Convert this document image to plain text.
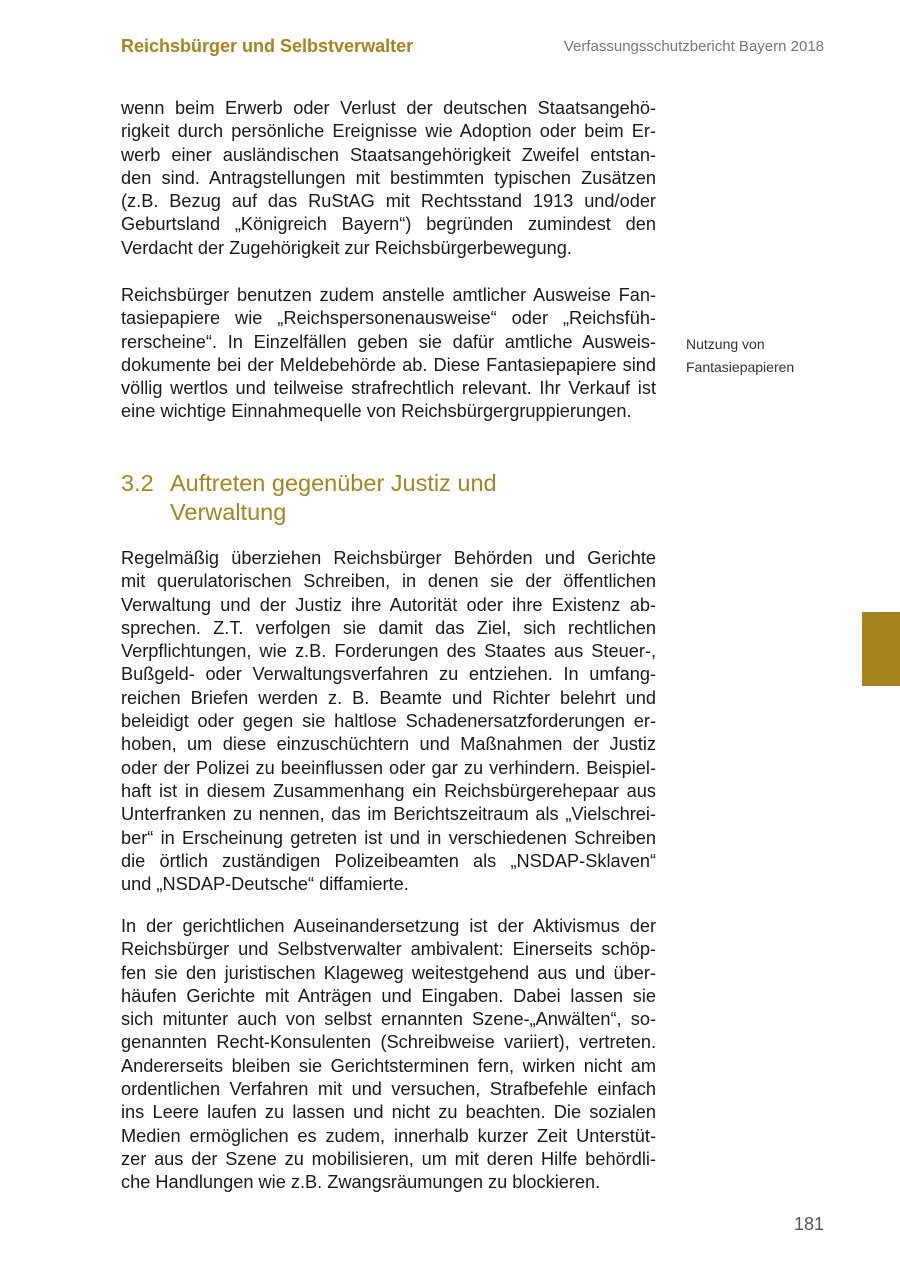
Reichsbürger und Selbstverwalter	Verfassungsschutzbericht Bayern 2018

wenn beim Erwerb oder Verlust der deutschen Staatsangehö-
rigkeit durch persönliche Ereignisse wie Adoption oder beim Er-
werb einer ausländischen Staatsangehörigkeit Zweifel entstan-
den sind. Antragstellungen mit bestimmten typischen Zusätzen
(z.B. Bezug auf das RuStAG mit Rechtsstand 1913 und/oder
Geburtsland „Königreich Bayern“) begründen zumindest den
Verdacht der Zugehörigkeit zur Reichsbürgerbewegung.

Reichsbürger benutzen zudem anstelle amtlicher Ausweise Fan-
tasiepapiere wie „Reichspersonenausweise“ oder „Reichsfüh-
rerscheine“. In Einzelfällen geben sie dafür amtliche Ausweis-
dokumente bei der Meldebehörde ab. Diese Fantasiepapiere sind
völlig wertlos und teilweise strafrechtlich relevant. Ihr Verkauf ist
eine wichtige Einnahmequelle von Reichsbürgergruppierungen.

Nutzung von
Fantasiepapieren
3.2 Auftreten gegenüber Justiz und
Verwaltung

Regelmäßig überziehen Reichsbürger Behörden und Gerichte
mit querulatorischen Schreiben, in denen sie der öffentlichen
Verwaltung und der Justiz ihre Autorität oder ihre Existenz ab-
sprechen. Z.T. verfolgen sie damit das Ziel, sich rechtlichen
Verpflichtungen, wie z.B. Forderungen des Staates aus Steuer-,
Bußgeld- oder Verwaltungsverfahren zu entziehen. In umfang-
reichen Briefen werden z. B. Beamte und Richter belehrt und
beleidigt oder gegen sie haltlose Schadenersatzforderungen er-
hoben, um diese einzuschüchtern und Maßnahmen der Justiz
oder der Polizei zu beeinflussen oder gar zu verhindern. Beispiel-
haft ist in diesem Zusammenhang ein Reichsbürgerehepaar aus
Unterfranken zu nennen, das im Berichtszeitraum als „Vielschrei-
ber“ in Erscheinung getreten ist und in verschiedenen Schreiben
die örtlich zuständigen Polizeibeamten als „NSDAP-Sklaven“
und „NSDAP-Deutsche“ diffamierte.

In der gerichtlichen Auseinandersetzung ist der Aktivismus der
Reichsbürger und Selbstverwalter ambivalent: Einerseits schöp-
fen sie den juristischen Klageweg weitestgehend aus und über-
häufen Gerichte mit Anträgen und Eingaben. Dabei lassen sie
sich mitunter auch von selbst ernannten Szene-„Anwälten“, so-
genannten Recht-Konsulenten (Schreibweise variiert), vertreten.
Andererseits bleiben sie Gerichtsterminen fern, wirken nicht am
ordentlichen Verfahren mit und versuchen, Strafbefehle einfach
ins Leere laufen zu lassen und nicht zu beachten. Die sozialen
Medien ermöglichen es zudem, innerhalb kurzer Zeit Unterstüt-
zer aus der Szene zu mobilisieren, um mit deren Hilfe behördli-
che Handlungen wie z.B. Zwangsräumungen zu blockieren.

181
